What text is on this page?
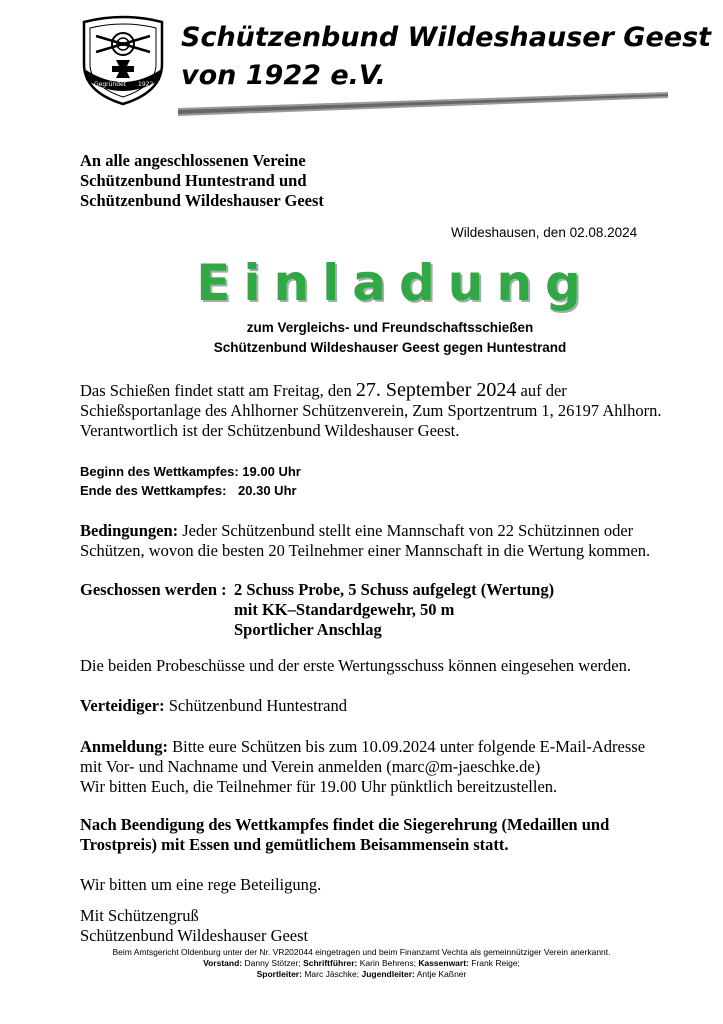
Gegründet 1922
Schützenbund Wildeshauser Geest
von 1922 e.V.
An alle angeschlossenen Vereine
Schützenbund Huntestrand und
Schützenbund Wildeshauser Geest
Wildeshausen, den 02.08.2024
Einladung
zum Vergleichs- und Freundschaftsschießen
Schützenbund Wildeshauser Geest gegen Huntestrand
Das Schießen findet statt am Freitag, den 27. September 2024 auf der
Schießsportanlage des Ahlhorner Schützenverein, Zum Sportzentrum 1, 26197 Ahlhorn.
Verantwortlich ist der Schützenbund Wildeshauser Geest.
Beginn des Wettkampfes: 19.00 Uhr
Ende des Wettkampfes: 20.30 Uhr
Bedingungen: Jeder Schützenbund stellt eine Mannschaft von 22 Schützinnen oder
Schützen, wovon die besten 20 Teilnehmer einer Mannschaft in die Wertung kommen.
Geschossen werden : 2 Schuss Probe, 5 Schuss aufgelegt (Wertung)
mit KK–Standardgewehr, 50 m
Sportlicher Anschlag
Die beiden Probeschüsse und der erste Wertungsschuss können eingesehen werden.
Verteidiger: Schützenbund Huntestrand
Anmeldung: Bitte eure Schützen bis zum 10.09.2024 unter folgende E-Mail-Adresse
mit Vor- und Nachname und Verein anmelden (marc@m-jaeschke.de)
Wir bitten Euch, die Teilnehmer für 19.00 Uhr pünktlich bereitzustellen.
Nach Beendigung des Wettkampfes findet die Siegerehrung (Medaillen und
Trostpreis) mit Essen und gemütlichem Beisammensein statt.
Wir bitten um eine rege Beteiligung.
Mit Schützengruß
Schützenbund Wildeshauser Geest
Beim Amtsgericht Oldenburg unter der Nr. VR202044 eingetragen und beim Finanzamt Vechta als gemeinnütziger Verein anerkannt.
Vorstand: Danny Stötzer; Schriftführer: Karin Behrens; Kassenwart: Frank Reige;
Sportleiter: Marc Jäschke; Jugendleiter: Antje Kaßner
